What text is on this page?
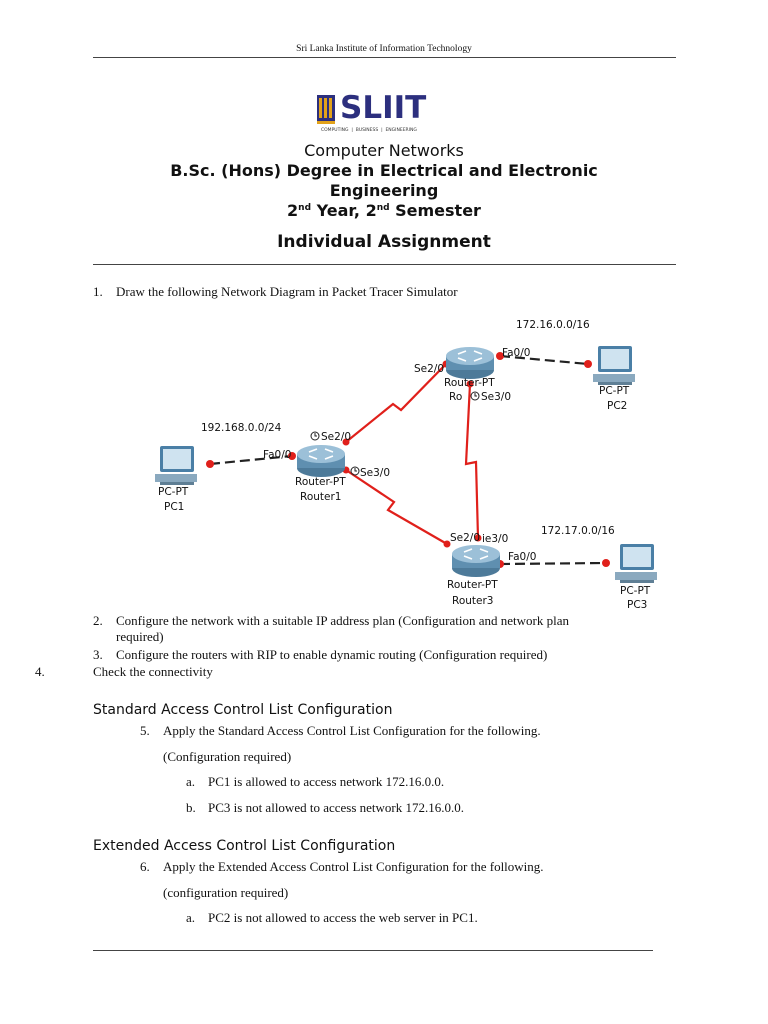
Sri Lanka Institute of Information Technology
SLIIT
COMPUTING  |  BUSINESS  |  ENGINEERING
Computer Networks
B.Sc. (Hons) Degree in Electrical and Electronic
Engineering
2nd Year, 2nd Semester
Individual Assignment
1. Draw the following Network Diagram in Packet Tracer Simulator
172.16.0.0/16
192.168.0.0/24
172.17.0.0/16
PC-PT
PC1
PC-PT
PC2
PC-PT
PC3
Router-PT
Router1
Router-PT
Ro
Router-PT
Router3
Fa0/0
Se2/0
Se3/0
Se2/0
Fa0/0
Se3/0
Se2/0 ie3/0
Fa0/0
2. Configure the network with a suitable IP address plan (Configuration and network plan
required)
3. Configure the routers with RIP to enable dynamic routing (Configuration required)
4.	Check the connectivity
Standard Access Control List Configuration
5. Apply the Standard Access Control List Configuration for the following.
(Configuration required)
a. PC1 is allowed to access network 172.16.0.0.
b. PC3 is not allowed to access network 172.16.0.0.
Extended Access Control List Configuration
6. Apply the Extended Access Control List Configuration for the following.
(configuration required)
a. PC2 is not allowed to access the web server in PC1.
